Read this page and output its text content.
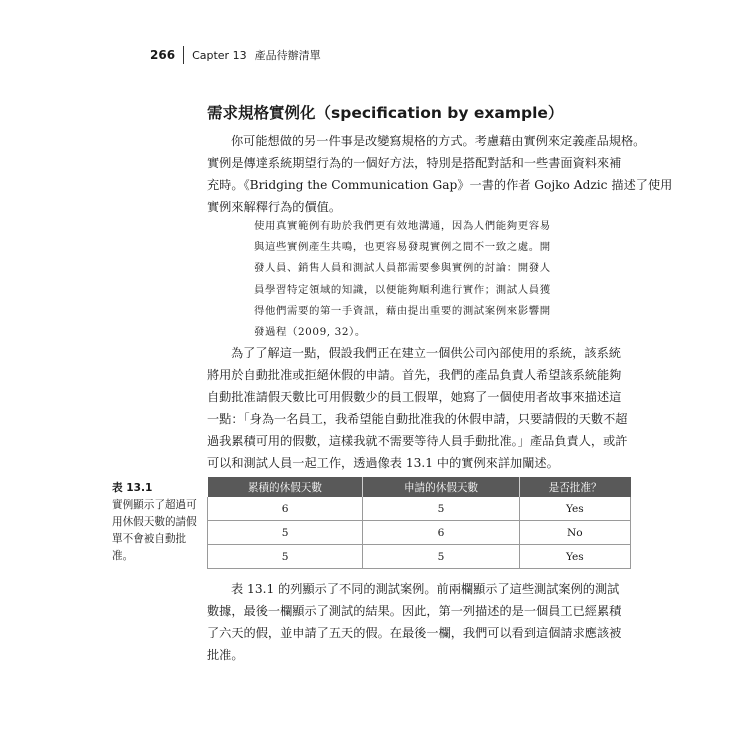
266 Capter 13 產品待辦清單
需求規格實例化（specification by example）
你可能想做的另一件事是改變寫規格的方式。考慮藉由實例來定義產品規格。
實例是傳達系統期望行為的一個好方法，特別是搭配對話和一些書面資料來補
充時。《Bridging the Communication Gap》一書的作者 Gojko Adzic 描述了使用
實例來解釋行為的價值。
使用真實範例有助於我們更有效地溝通，因為人們能夠更容易
與這些實例產生共鳴，也更容易發現實例之間不一致之處。開
發人員、銷售人員和測試人員都需要參與實例的討論：開發人
員學習特定領域的知識，以便能夠順利進行實作；測試人員獲
得他們需要的第一手資訊，藉由提出重要的測試案例來影響開
發過程（2009, 32）。
為了了解這一點，假設我們正在建立一個供公司內部使用的系統，該系統
將用於自動批准或拒絕休假的申請。首先，我們的產品負責人希望該系統能夠
自動批准請假天數比可用假數少的員工假單，她寫了一個使用者故事來描述這
一點：「身為一名員工，我希望能自動批准我的休假申請，只要請假的天數不超
過我累積可用的假數，這樣我就不需要等待人員手動批准。」產品負責人，或許
可以和測試人員一起工作，透過像表 13.1 中的實例來詳加闡述。
表 13.1
實例顯示了超過可用休假天數的請假單不會被自動批准。
累積的休假天數	申請的休假天數	是否批准？
6	5	Yes
5	6	No
5	5	Yes
表 13.1 的列顯示了不同的測試案例。前兩欄顯示了這些測試案例的測試
數據，最後一欄顯示了測試的結果。因此，第一列描述的是一個員工已經累積
了六天的假，並申請了五天的假。在最後一欄，我們可以看到這個請求應該被
批准。
